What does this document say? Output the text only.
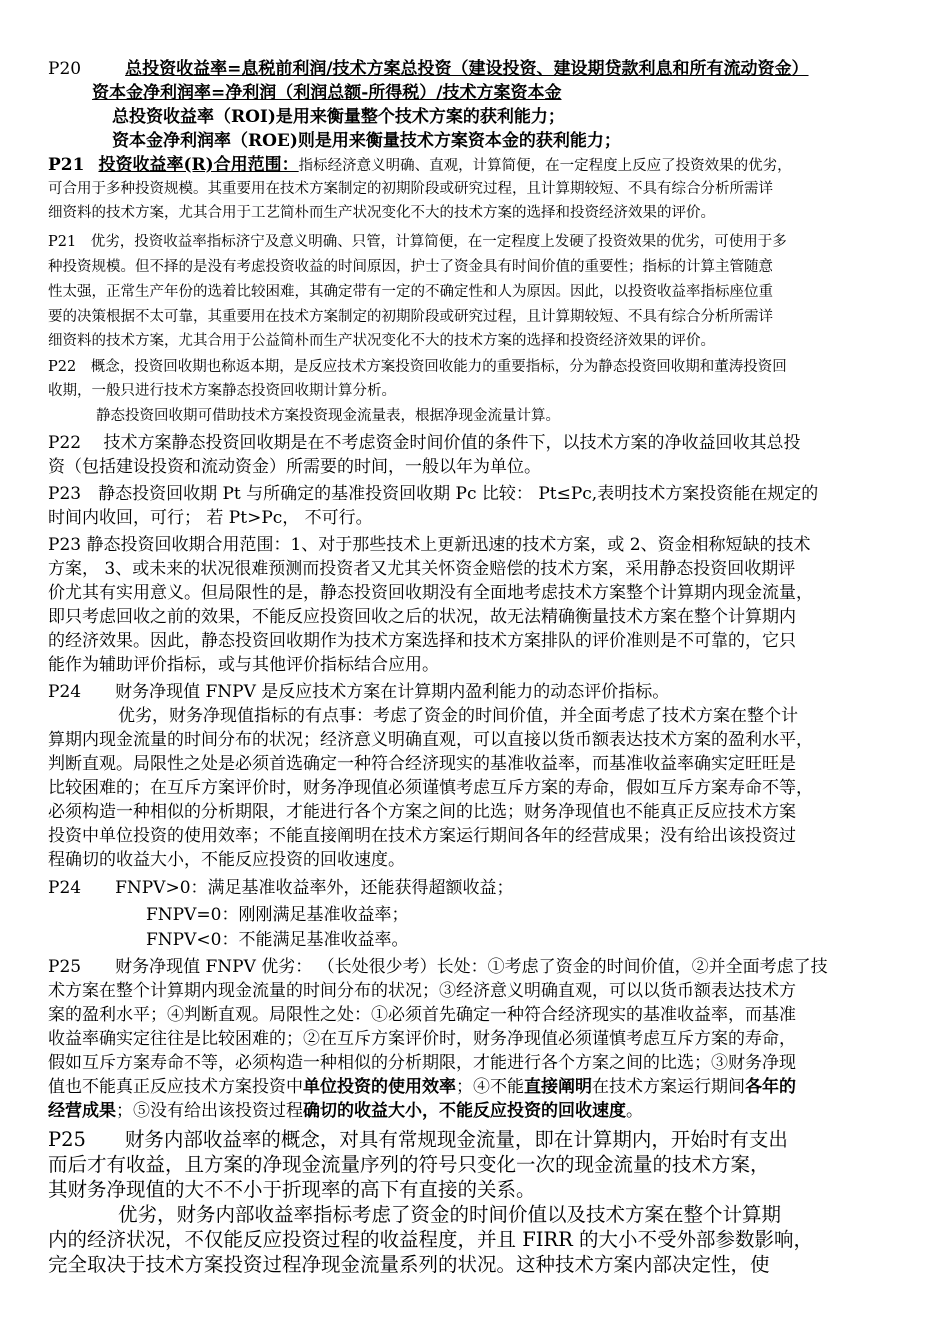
P20	总投资收益率=息税前利润/技术方案总投资（建设投资、建设期贷款利息和所有流动资金）
资本金净利润率=净利润（利润总额-所得税）/技术方案资本金
总投资收益率（ROI)是用来衡量整个技术方案的获利能力；
资本金净利润率（ROE)则是用来衡量技术方案资本金的获利能力；
P21 投资收益率(R)合用范围：指标经济意义明确、直观，计算简便，在一定程度上反应了投资效果的优劣，
可合用于多种投资规模。其重要用在技术方案制定的初期阶段或研究过程，且计算期较短、不具有综合分析所需详
细资料的技术方案，尤其合用于工艺简朴而生产状况变化不大的技术方案的选择和投资经济效果的评价。
P21　优劣，投资收益率指标济宁及意义明确、只管，计算简便，在一定程度上发硬了投资效果的优劣，可使用于多
种投资规模。但不择的是没有考虑投资收益的时间原因，护士了资金具有时间价值的重要性；指标的计算主管随意
性太强，正常生产年份的选着比较困难，其确定带有一定的不确定性和人为原因。因此，以投资收益率指标座位重
要的决策根据不太可靠，其重要用在技术方案制定的初期阶段或研究过程，且计算期较短、不具有综合分析所需详
细资料的技术方案，尤其合用于公益简朴而生产状况变化不大的技术方案的选择和投资经济效果的评价。
P22　概念，投资回收期也称返本期，是反应技术方案投资回收能力的重要指标，分为静态投资回收期和董涛投资回
收期，一般只进行技术方案静态投资回收期计算分析。
静态投资回收期可借助技术方案投资现金流量表，根据净现金流量计算。
P22　 技术方案静态投资回收期是在不考虑资金时间价值的条件下，以技术方案的净收益回收其总投
资（包括建设投资和流动资金）所需要的时间，一般以年为单位。
P23　静态投资回收期 Pt 与所确定的基准投资回收期 Pc 比较： Pt≤Pc,表明技术方案投资能在规定的
时间内收回，可行； 若 Pt>Pc， 不可行。
P23 静态投资回收期合用范围：1、对于那些技术上更新迅速的技术方案，或 2、资金相称短缺的技术
方案， 3、或未来的状况很难预测而投资者又尤其关怀资金赔偿的技术方案，采用静态投资回收期评
价尤其有实用意义。但局限性的是，静态投资回收期没有全面地考虑技术方案整个计算期内现金流量，
即只考虑回收之前的效果，不能反应投资回收之后的状况，故无法精确衡量技术方案在整个计算期内
的经济效果。因此，静态投资回收期作为技术方案选择和技术方案排队的评价准则是不可靠的，它只
能作为辅助评价指标，或与其他评价指标结合应用。
P24　　财务净现值 FNPV 是反应技术方案在计算期内盈利能力的动态评价指标。
优劣，财务净现值指标的有点事：考虑了资金的时间价值，并全面考虑了技术方案在整个计
算期内现金流量的时间分布的状况；经济意义明确直观，可以直接以货币额表达技术方案的盈利水平，
判断直观。局限性之处是必须首选确定一种符合经济现实的基准收益率，而基准收益率确实定旺旺是
比较困难的；在互斥方案评价时，财务净现值必须谨慎考虑互斥方案的寿命，假如互斥方案寿命不等，
必须构造一种相似的分析期限，才能进行各个方案之间的比选；财务净现值也不能真正反应技术方案
投资中单位投资的使用效率；不能直接阐明在技术方案运行期间各年的经营成果；没有给出该投资过
程确切的收益大小，不能反应投资的回收速度。
P24　　FNPV>0：满足基准收益率外，还能获得超额收益；
FNPV=0：刚刚满足基准收益率；
FNPV<0：不能满足基准收益率。
P25　　财务净现值 FNPV 优劣： （长处很少考）长处：①考虑了资金的时间价值，②并全面考虑了技
术方案在整个计算期内现金流量的时间分布的状况；③经济意义明确直观，可以以货币额表达技术方
案的盈利水平；④判断直观。局限性之处：①必须首先确定一种符合经济现实的基准收益率，而基准
收益率确实定往往是比较困难的；②在互斥方案评价时，财务净现值必须谨慎考虑互斥方案的寿命，
假如互斥方案寿命不等，必须构造一种相似的分析期限，才能进行各个方案之间的比选；③财务净现
值也不能真正反应技术方案投资中单位投资的使用效率；④不能直接阐明在技术方案运行期间各年的
经营成果；⑤没有给出该投资过程确切的收益大小，不能反应投资的回收速度。
P25　　财务内部收益率的概念，对具有常规现金流量，即在计算期内，开始时有支出
而后才有收益，且方案的净现金流量序列的符号只变化一次的现金流量的技术方案，
其财务净现值的大不不小于折现率的高下有直接的关系。
优劣，财务内部收益率指标考虑了资金的时间价值以及技术方案在整个计算期
内的经济状况，不仅能反应投资过程的收益程度，并且 FIRR 的大小不受外部参数影响，
完全取决于技术方案投资过程净现金流量系列的状况。这种技术方案内部决定性，使
